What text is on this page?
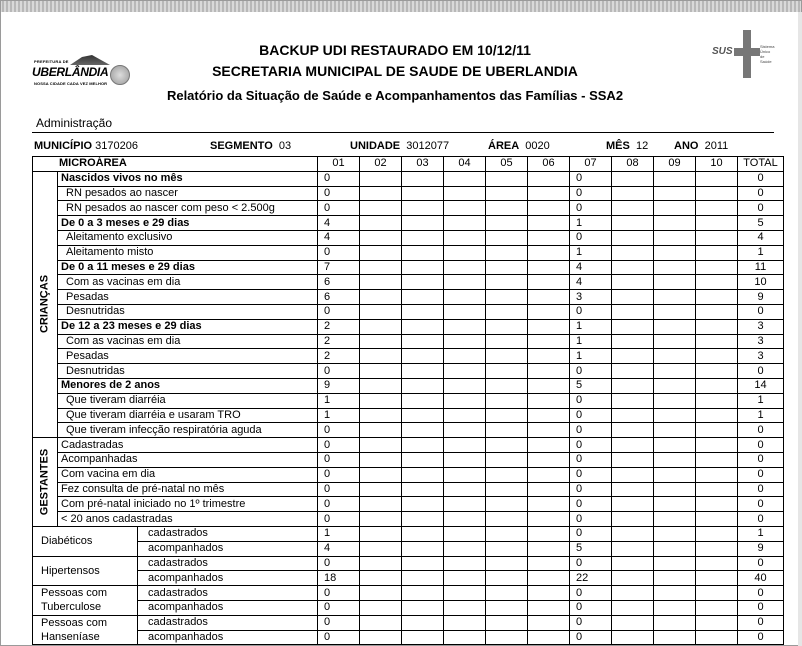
PREFEITURA DE
UBERLÂNDIA
NOSSA CIDADE CADA VEZ MELHOR
SUS	Sistema Único de Saúde
BACKUP UDI RESTAURADO EM 10/12/11
SECRETARIA MUNICIPAL DE SAUDE DE UBERLANDIA
Relatório da Situação de Saúde e Acompanhamentos das Famílias - SSA2
Administração
MUNICÍPIO 3170206	SEGMENTO 03	UNIDADE 3012077	ÁREA 0020	MÊS 12 ANO 2011
MICROÁREA			01	02	03	04	05	06	07	08	09	10	TOTAL

CRIANÇAS	Nascidos vivos no mês		0						0				0
	RN pesados ao nascer		0						0				0
	RN pesados ao nascer com peso < 2.500g		0						0				0
	De 0 a 3 meses e 29 dias		4						1				5
	Aleitamento exclusivo		4						0				4
	Aleitamento misto		0						1				1
	De 0 a 11 meses e 29 dias		7						4				11
	Com as vacinas em dia		6						4				10
	Pesadas		6						3				9
	Desnutridas		0						0				0
	De 12 a 23 meses e 29 dias		2						1				3
	Com as vacinas em dia		2						1				3
	Pesadas		2						1				3
	Desnutridas		0						0				0
	Menores de 2 anos		9						5				14
	Que tiveram diarréia		1						0				1
	Que tiveram diarréia e usaram TRO		1						0				1
	Que tiveram infecção respiratória aguda		0						0				0

GESTANTES	Cadastradas		0						0				0
	Acompanhadas		0						0				0
	Com vacina em dia		0						0				0
	Fez consulta de pré-natal no mês		0						0				0
	Com pré-natal iniciado no 1º trimestre		0						0				0
	< 20 anos cadastradas		0						0				0
Diabéticos		cadastrados	1						0				1
		acompanhados	4						5				9
Hipertensos		cadastrados	0						0				0
		acompanhados	18						22				40
Pessoas com Tuberculose		cadastrados	0						0				0
		acompanhados	0						0				0
Pessoas com Hanseníase		cadastrados	0						0				0
		acompanhados	0						0				0
